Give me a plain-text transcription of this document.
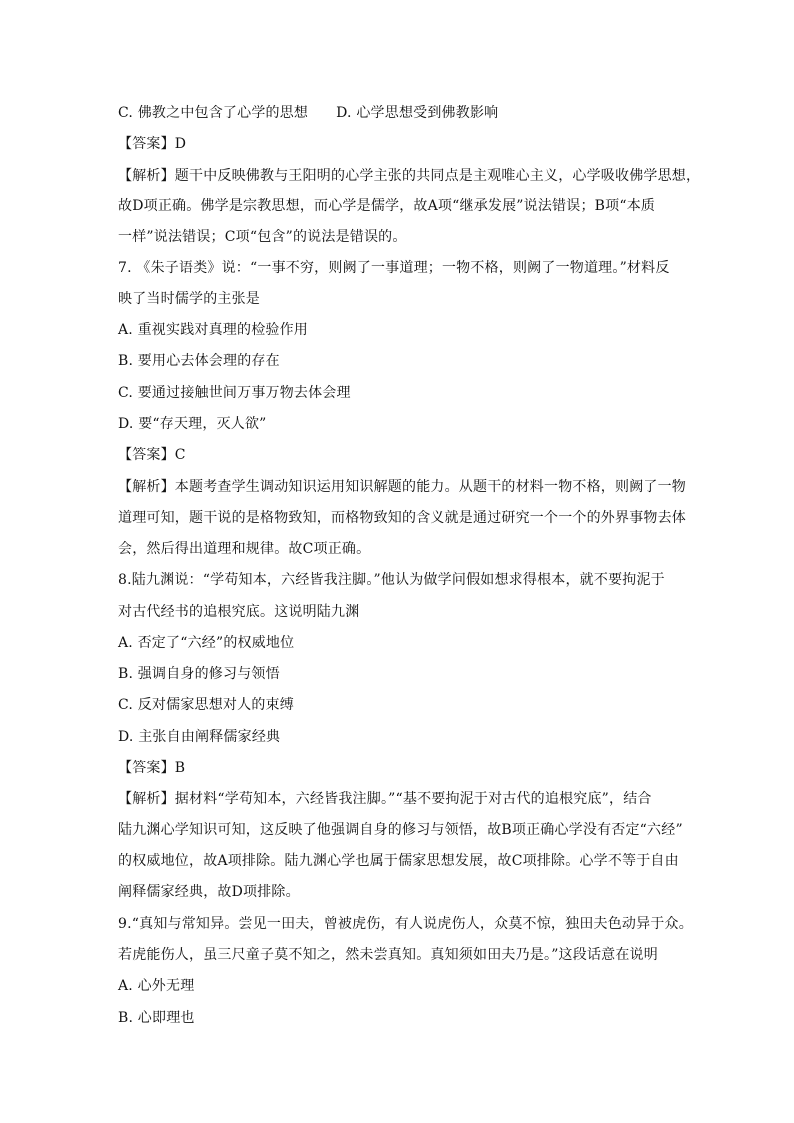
C. 佛教之中包含了心学的思想 D. 心学思想受到佛教影响
【答案】D
【解析】题干中反映佛教与王阳明的心学主张的共同点是主观唯心主义，心学吸收佛学思想，
故D项正确。佛学是宗教思想，而心学是儒学，故A项“继承发展”说法错误；B项“本质
一样”说法错误；C项“包含”的说法是错误的。
7. 《朱子语类》说：“一事不穷，则阙了一事道理；一物不格，则阙了一物道理。”材料反
映了当时儒学的主张是
A. 重视实践对真理的检验作用
B. 要用心去体会理的存在
C. 要通过接触世间万事万物去体会理
D. 要“存天理，灭人欲”
【答案】C
【解析】本题考查学生调动知识运用知识解题的能力。从题干的材料一物不格，则阙了一物
道理可知，题干说的是格物致知，而格物致知的含义就是通过研究一个一个的外界事物去体
会，然后得出道理和规律。故C项正确。
8.陆九渊说：“学苟知本，六经皆我注脚。”他认为做学问假如想求得根本，就不要拘泥于
对古代经书的追根究底。这说明陆九渊
A. 否定了“六经”的权威地位
B. 强调自身的修习与领悟
C. 反对儒家思想对人的束缚
D. 主张自由阐释儒家经典
【答案】B
【解析】据材料“学苟知本，六经皆我注脚。”“基不要拘泥于对古代的追根究底”，结合
陆九渊心学知识可知，这反映了他强调自身的修习与领悟，故B项正确心学没有否定“六经”
的权威地位，故A项排除。陆九渊心学也属于儒家思想发展，故C项排除。心学不等于自由
阐释儒家经典，故D项排除。
9.“真知与常知异。尝见一田夫，曾被虎伤，有人说虎伤人，众莫不惊，独田夫色动异于众。
若虎能伤人，虽三尺童子莫不知之，然未尝真知。真知须如田夫乃是。”这段话意在说明
A. 心外无理
B. 心即理也
